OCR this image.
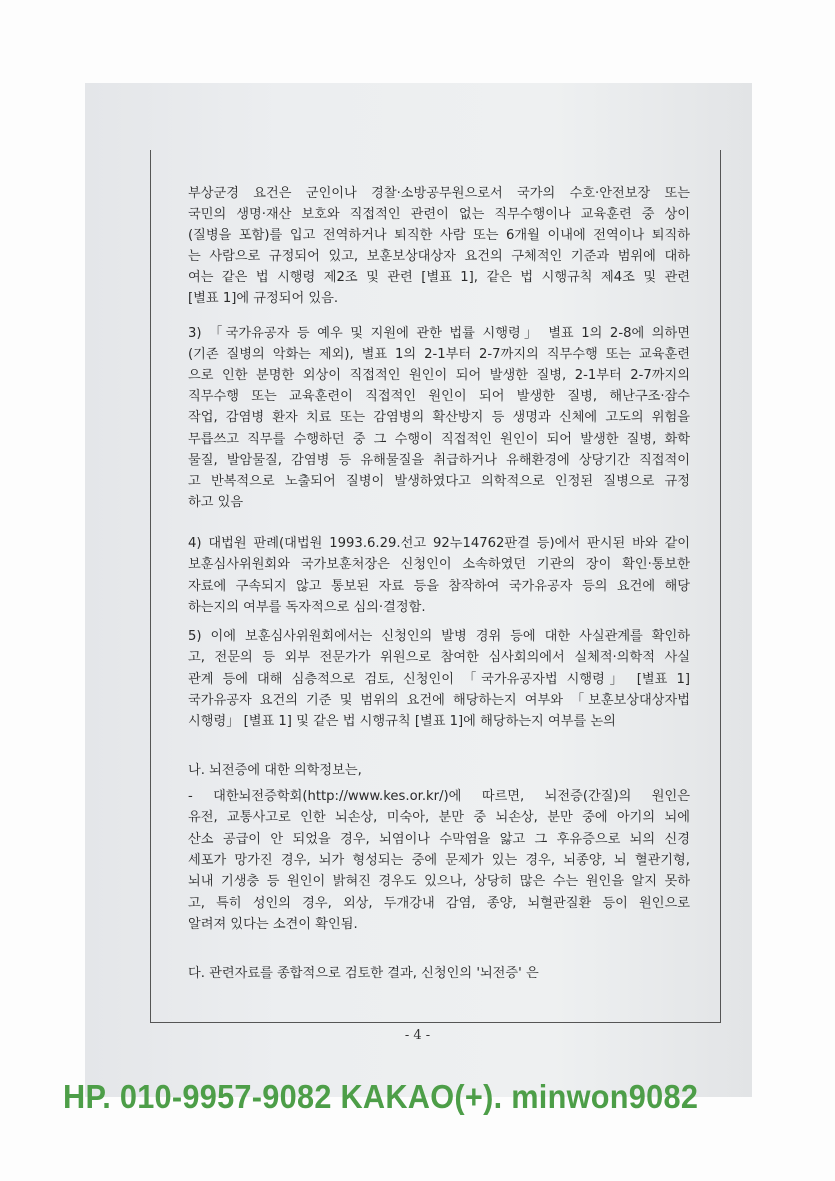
부상군경 요건은 군인이나 경찰·소방공무원으로서 국가의 수호·안전보장 또는
국민의 생명·재산 보호와 직접적인 관련이 없는 직무수행이나 교육훈련 중 상이
(질병을 포함)를 입고 전역하거나 퇴직한 사람 또는 6개월 이내에 전역이나 퇴직하
는 사람으로 규정되어 있고, 보훈보상대상자 요건의 구체적인 기준과 범위에 대하
여는 같은 법 시행령 제2조 및 관련 [별표 1], 같은 법 시행규칙 제4조 및 관련
[별표 1]에 규정되어 있음.
3) 「국가유공자 등 예우 및 지원에 관한 법률 시행령」 별표 1의 2-8에 의하면
(기존 질병의 악화는 제외), 별표 1의 2-1부터 2-7까지의 직무수행 또는 교육훈련
으로 인한 분명한 외상이 직접적인 원인이 되어 발생한 질병, 2-1부터 2-7까지의
직무수행 또는 교육훈련이 직접적인 원인이 되어 발생한 질병, 해난구조·잠수
작업, 감염병 환자 치료 또는 감염병의 확산방지 등 생명과 신체에 고도의 위험을
무릅쓰고 직무를 수행하던 중 그 수행이 직접적인 원인이 되어 발생한 질병, 화학
물질, 발암물질, 감염병 등 유해물질을 취급하거나 유해환경에 상당기간 직접적이
고 반복적으로 노출되어 질병이 발생하였다고 의학적으로 인정된 질병으로 규정
하고 있음
4) 대법원 판례(대법원 1993.6.29.선고 92누14762판결 등)에서 판시된 바와 같이
보훈심사위원회와 국가보훈처장은 신청인이 소속하였던 기관의 장이 확인·통보한
자료에 구속되지 않고 통보된 자료 등을 참작하여 국가유공자 등의 요건에 해당
하는지의 여부를 독자적으로 심의·결정함.
5) 이에 보훈심사위원회에서는 신청인의 발병 경위 등에 대한 사실관계를 확인하
고, 전문의 등 외부 전문가가 위원으로 참여한 심사회의에서 실체적·의학적 사실
관계 등에 대해 심층적으로 검토, 신청인이 「국가유공자법 시행령」 [별표 1]
국가유공자 요건의 기준 및 범위의 요건에 해당하는지 여부와 「보훈보상대상자법
시행령」 [별표 1] 및 같은 법 시행규칙 [별표 1]에 해당하는지 여부를 논의
나. 뇌전증에 대한 의학정보는,
- 대한뇌전증학회(http://www.kes.or.kr/)에 따르면, 뇌전증(간질)의 원인은
유전, 교통사고로 인한 뇌손상, 미숙아, 분만 중 뇌손상, 분만 중에 아기의 뇌에
산소 공급이 안 되었을 경우, 뇌염이나 수막염을 앓고 그 후유증으로 뇌의 신경
세포가 망가진 경우, 뇌가 형성되는 중에 문제가 있는 경우, 뇌종양, 뇌 혈관기형,
뇌내 기생충 등 원인이 밝혀진 경우도 있으나, 상당히 많은 수는 원인을 알지 못하
고, 특히 성인의 경우, 외상, 두개강내 감염, 종양, 뇌혈관질환 등이 원인으로
알려져 있다는 소견이 확인됨.
다. 관련자료를 종합적으로 검토한 결과, 신청인의 '뇌전증' 은
- 4 -
HP. 010-9957-9082 KAKAO(+). minwon9082
